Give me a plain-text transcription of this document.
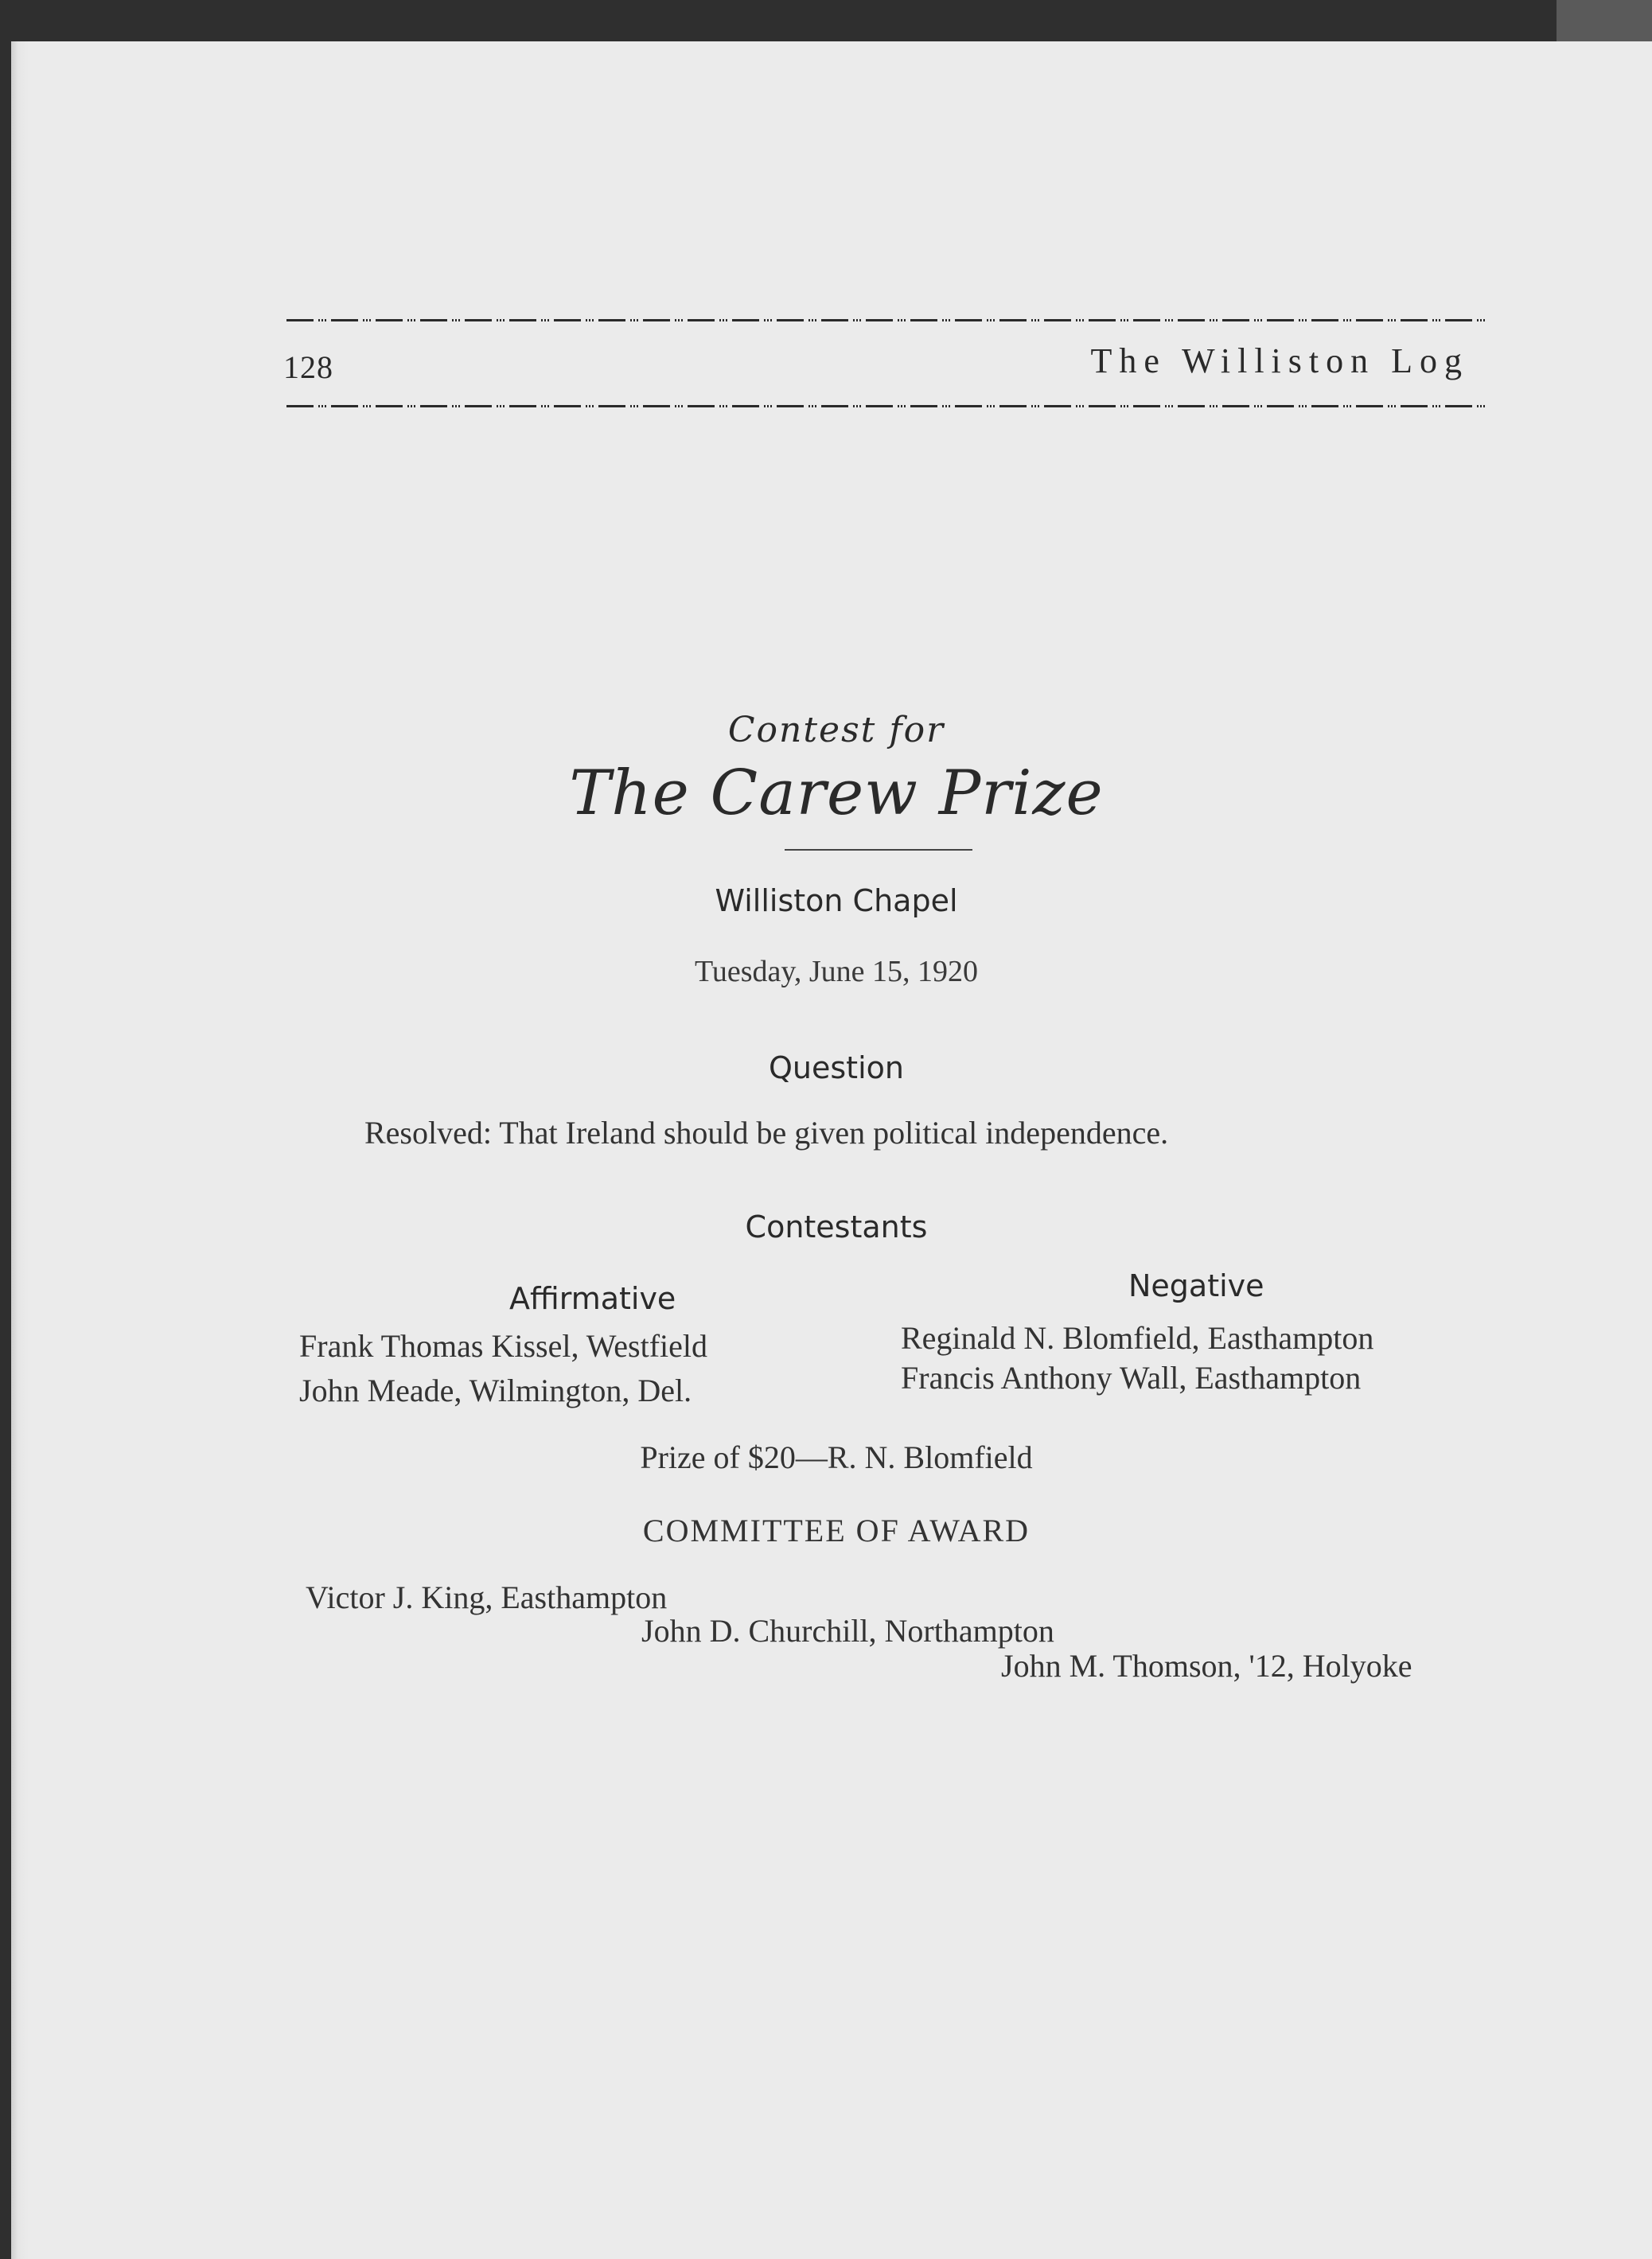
128	The Williston Log
Contest for
The Carew Prize
Williston Chapel
Tuesday, June 15, 1920
Question
Resolved: That Ireland should be given political independence.
Contestants
Affirmative	Negative
Frank Thomas Kissel, Westfield
John Meade, Wilmington, Del.
Reginald N. Blomfield, Easthampton
Francis Anthony Wall, Easthampton
Prize of $20—R. N. Blomfield
COMMITTEE OF AWARD
Victor J. King, Easthampton
John D. Churchill, Northampton
John M. Thomson, '12, Holyoke
